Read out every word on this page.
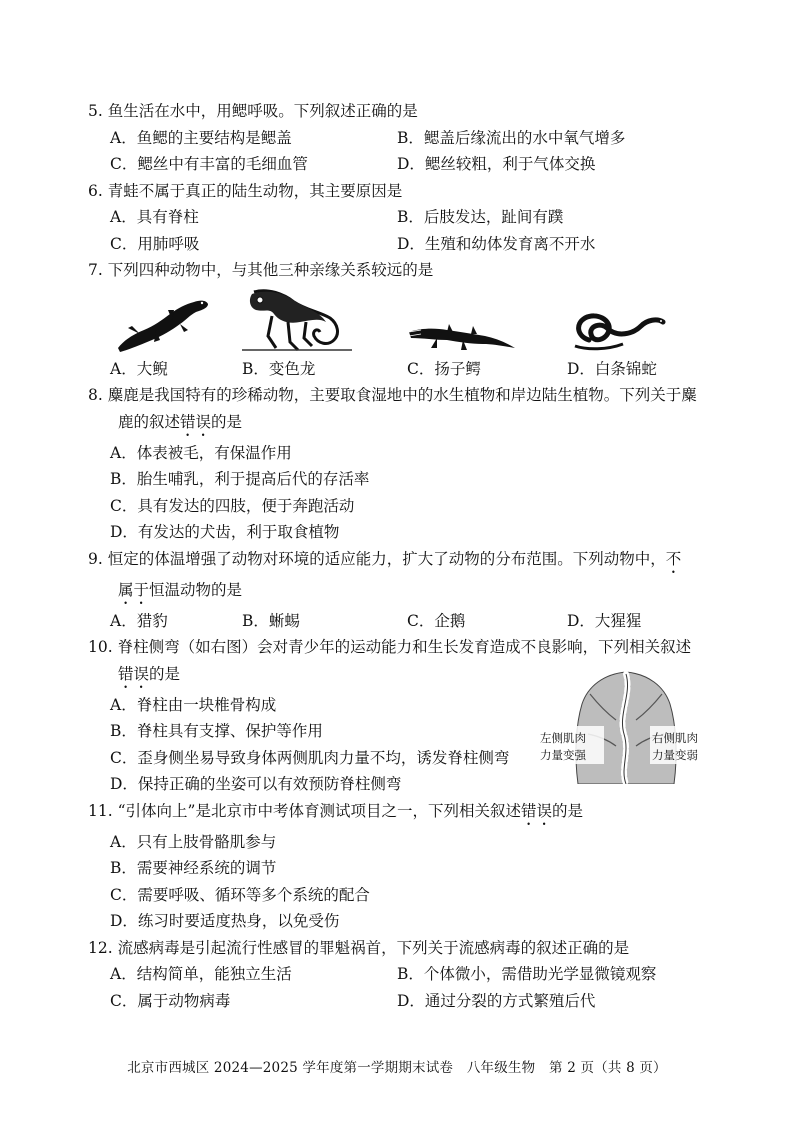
5.
鱼生活在水中，用鳃呼吸。下列叙述正确的是
A．鱼鳃的主要结构是鳃盖	B．鳃盖后缘流出的水中氧气增多
C．鳃丝中有丰富的毛细血管	D．鳃丝较粗，利于气体交换
6.
青蛙不属于真正的陆生动物，其主要原因是
A．具有脊柱	B．后肢发达，趾间有蹼
C．用肺呼吸	D．生殖和幼体发育离不开水
7.
下列四种动物中，与其他三种亲缘关系较远的是
A．大鲵	B．变色龙	C．扬子鳄	D．白条锦蛇
8.
麋鹿是我国特有的珍稀动物，主要取食湿地中的水生植物和岸边陆生植物。下列关于麋
鹿的叙述错误的是
A．体表被毛，有保温作用
B．胎生哺乳，利于提高后代的存活率
C．具有发达的四肢，便于奔跑活动
D．有发达的犬齿，利于取食植物
9.
恒定的体温增强了动物对环境的适应能力，扩大了动物的分布范围。下列动物中， 不
属于恒温动物的是
A．猎豹	B．蜥蜴	C．企鹅	D．大猩猩
10.
脊柱侧弯（如右图）会对青少年的运动能力和生长发育造成不良影响，下列相关叙述
错误的是
A．脊柱由一块椎骨构成
B．脊柱具有支撑、保护等作用
C．歪身侧坐易导致身体两侧肌肉力量不均，诱发脊柱侧弯
D．保持正确的坐姿可以有效预防脊柱侧弯
左侧肌肉
力量变强
右侧肌肉
力量变弱
11.
“引体向上”是北京市中考体育测试项目之一，下列相关叙述 错误 的是
A．只有上肢骨骼肌参与
B．需要神经系统的调节
C．需要呼吸、循环等多个系统的配合
D．练习时要适度热身，以免受伤
12.
流感病毒是引起流行性感冒的罪魁祸首，下列关于流感病毒的叙述正确的是
A．结构简单，能独立生活	B．个体微小，需借助光学显微镜观察
C．属于动物病毒	D．通过分裂的方式繁殖后代
北京市西城区 2024—2025 学年度第一学期期末试卷　八年级生物　第 2 页（共 8 页）
